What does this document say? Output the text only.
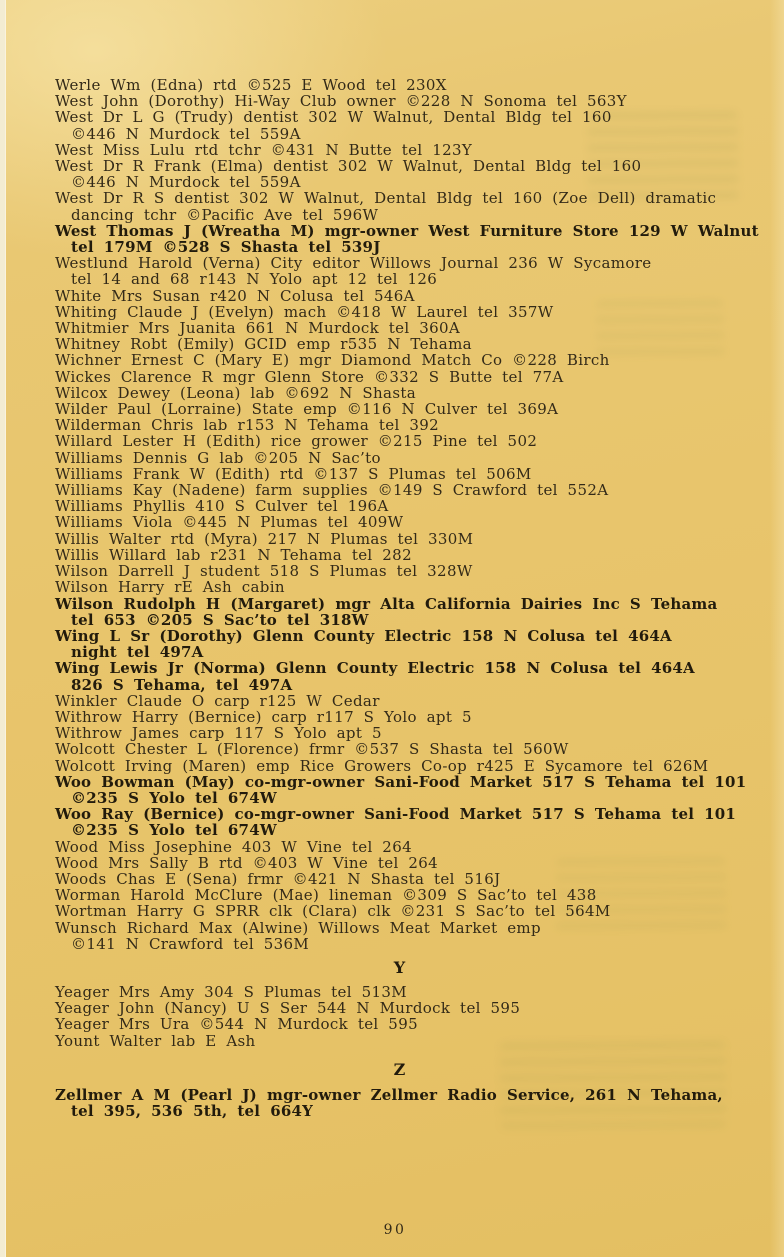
Werle Wm (Edna) rtd ©525 E Wood tel 230X
West John (Dorothy) Hi-Way Club owner ©228 N Sonoma tel 563Y
West Dr L G (Trudy) dentist 302 W Walnut, Dental Bldg tel 160
©446 N Murdock tel 559A
West Miss Lulu rtd tchr ©431 N Butte tel 123Y
West Dr R Frank (Elma) dentist 302 W Walnut, Dental Bldg tel 160
©446 N Murdock tel 559A
West Dr R S dentist 302 W Walnut, Dental Bldg tel 160 (Zoe Dell) dramatic
dancing tchr ©Pacific Ave tel 596W
West Thomas J (Wreatha M) mgr-owner West Furniture Store 129 W Walnut
tel 179M ©528 S Shasta tel 539J
Westlund Harold (Verna) City editor Willows Journal 236 W Sycamore
tel 14 and 68 r143 N Yolo apt 12 tel 126
White Mrs Susan r420 N Colusa tel 546A
Whiting Claude J (Evelyn) mach ©418 W Laurel tel 357W
Whitmier Mrs Juanita 661 N Murdock tel 360A
Whitney Robt (Emily) GCID emp r535 N Tehama
Wichner Ernest C (Mary E) mgr Diamond Match Co ©228 Birch
Wickes Clarence R mgr Glenn Store ©332 S Butte tel 77A
Wilcox Dewey (Leona) lab ©692 N Shasta
Wilder Paul (Lorraine) State emp ©116 N Culver tel 369A
Wilderman Chris lab r153 N Tehama tel 392
Willard Lester H (Edith) rice grower ©215 Pine tel 502
Williams Dennis G lab ©205 N Sac’to
Williams Frank W (Edith) rtd ©137 S Plumas tel 506M
Williams Kay (Nadene) farm supplies ©149 S Crawford tel 552A
Williams Phyllis 410 S Culver tel 196A
Williams Viola ©445 N Plumas tel 409W
Willis Walter rtd (Myra) 217 N Plumas tel 330M
Willis Willard lab r231 N Tehama tel 282
Wilson Darrell J student 518 S Plumas tel 328W
Wilson Harry rE Ash cabin
Wilson Rudolph H (Margaret) mgr Alta California Dairies Inc S Tehama
tel 653 ©205 S Sac’to tel 318W
Wing L Sr (Dorothy) Glenn County Electric 158 N Colusa tel 464A
night tel 497A
Wing Lewis Jr (Norma) Glenn County Electric 158 N Colusa tel 464A
826 S Tehama, tel 497A
Winkler Claude O carp r125 W Cedar
Withrow Harry (Bernice) carp r117 S Yolo apt 5
Withrow James carp 117 S Yolo apt 5
Wolcott Chester L (Florence) frmr ©537 S Shasta tel 560W
Wolcott Irving (Maren) emp Rice Growers Co-op r425 E Sycamore tel 626M
Woo Bowman (May) co-mgr-owner Sani-Food Market 517 S Tehama tel 101
©235 S Yolo tel 674W
Woo Ray (Bernice) co-mgr-owner Sani-Food Market 517 S Tehama tel 101
©235 S Yolo tel 674W
Wood Miss Josephine 403 W Vine tel 264
Wood Mrs Sally B rtd ©403 W Vine tel 264
Woods Chas E (Sena) frmr ©421 N Shasta tel 516J
Worman Harold McClure (Mae) lineman ©309 S Sac’to tel 438
Wortman Harry G SPRR clk (Clara) clk ©231 S Sac’to tel 564M
Wunsch Richard Max (Alwine) Willows Meat Market emp
©141 N Crawford tel 536M
Y
Yeager Mrs Amy 304 S Plumas tel 513M
Yeager John (Nancy) U S Ser 544 N Murdock tel 595
Yeager Mrs Ura ©544 N Murdock tel 595
Yount Walter lab E Ash
Z
Zellmer A M (Pearl J) mgr-owner Zellmer Radio Service, 261 N Tehama,
tel 395, 536 5th, tel 664Y
90
